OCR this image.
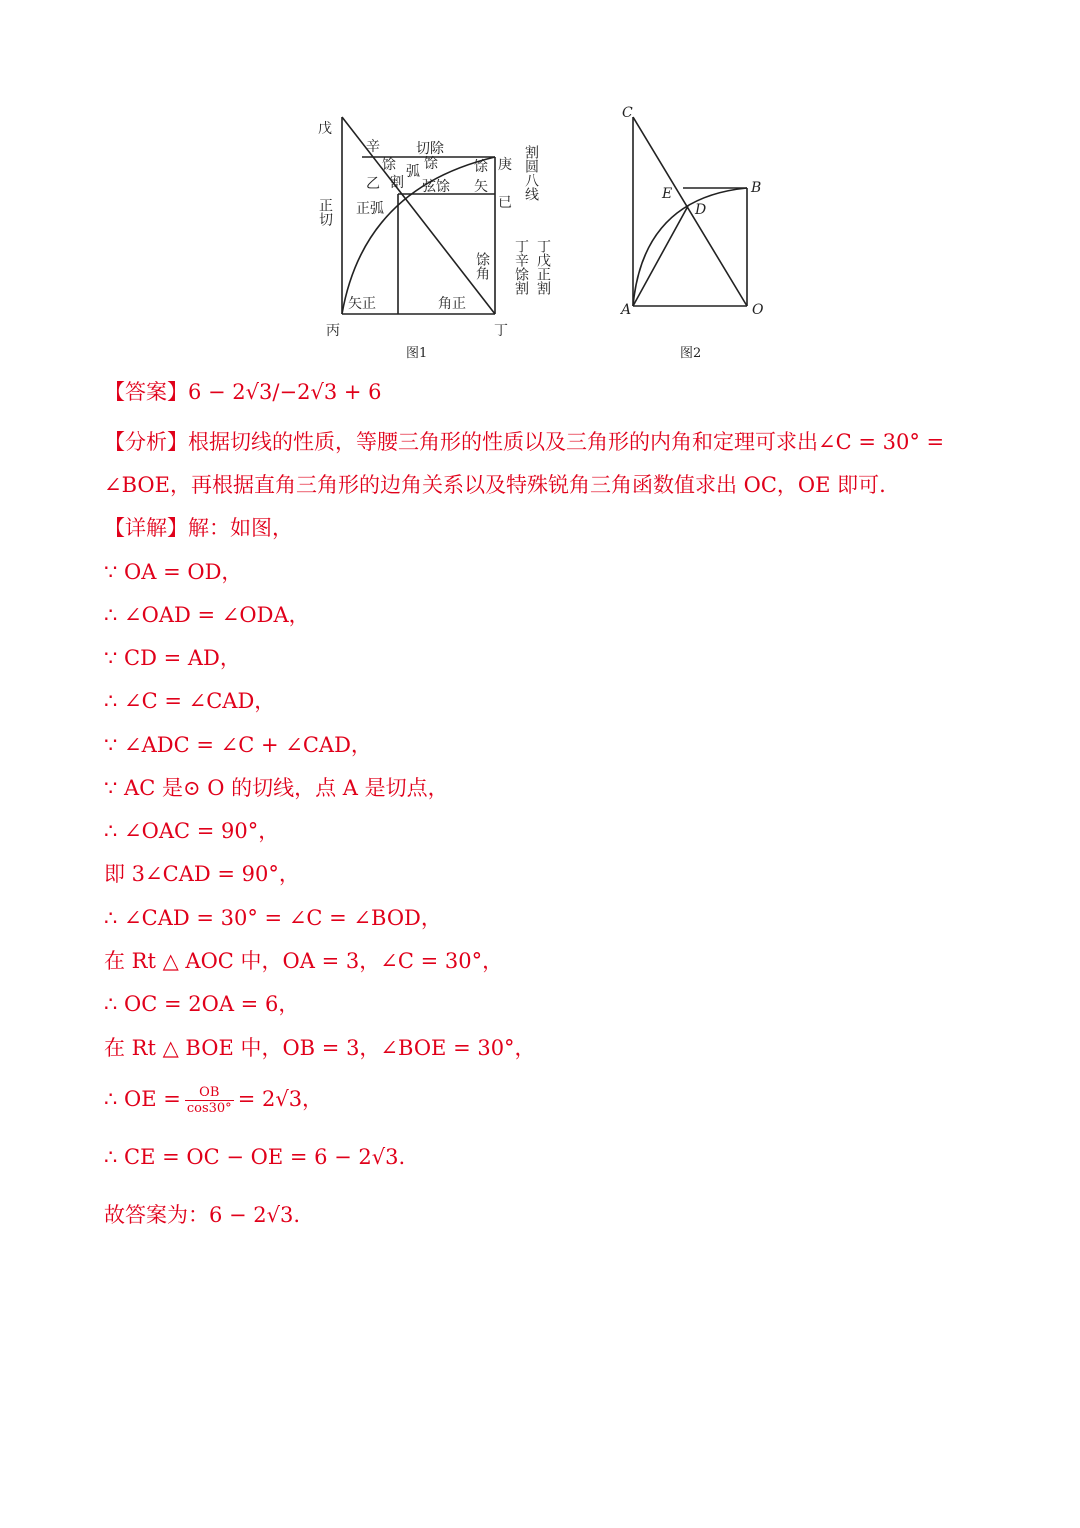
戊
辛	切除
庚
乙
已
馀 弧 馀
割 弦馀
馀
矢
正弧
角正
矢正
丙	丁
图1
正切
馀角
割圆八线
丁辛馀割 丁戊正割
C
E
D
B
A	O
图2
【答案】6 − 2√3/−2√3 + 6
【分析】根据切线的性质，等腰三角形的性质以及三角形的内角和定理可求出∠C = 30° =
∠BOE，再根据直角三角形的边角关系以及特殊锐角三角函数值求出 OC，OE 即可.
【详解】解：如图，
∵ OA = OD，
∴ ∠OAD = ∠ODA，
∵ CD = AD，
∴ ∠C = ∠CAD，
∵ ∠ADC = ∠C + ∠CAD，
∵ AC 是⊙ O 的切线，点 A 是切点，
∴ ∠OAC = 90°，
即 3∠CAD = 90°，
∴ ∠CAD = 30° = ∠C = ∠BOD，
在 Rt △ AOC 中，OA = 3，∠C = 30°，
∴ OC = 2OA = 6，
在 Rt △ BOE 中，OB = 3，∠BOE = 30°，
∴ OE = $\frac{OB}{\cos 30^\circ} = 2√3$，
∴ CE = OC − OE = 6 − 2√3.
故答案为：6 − 2√3.
